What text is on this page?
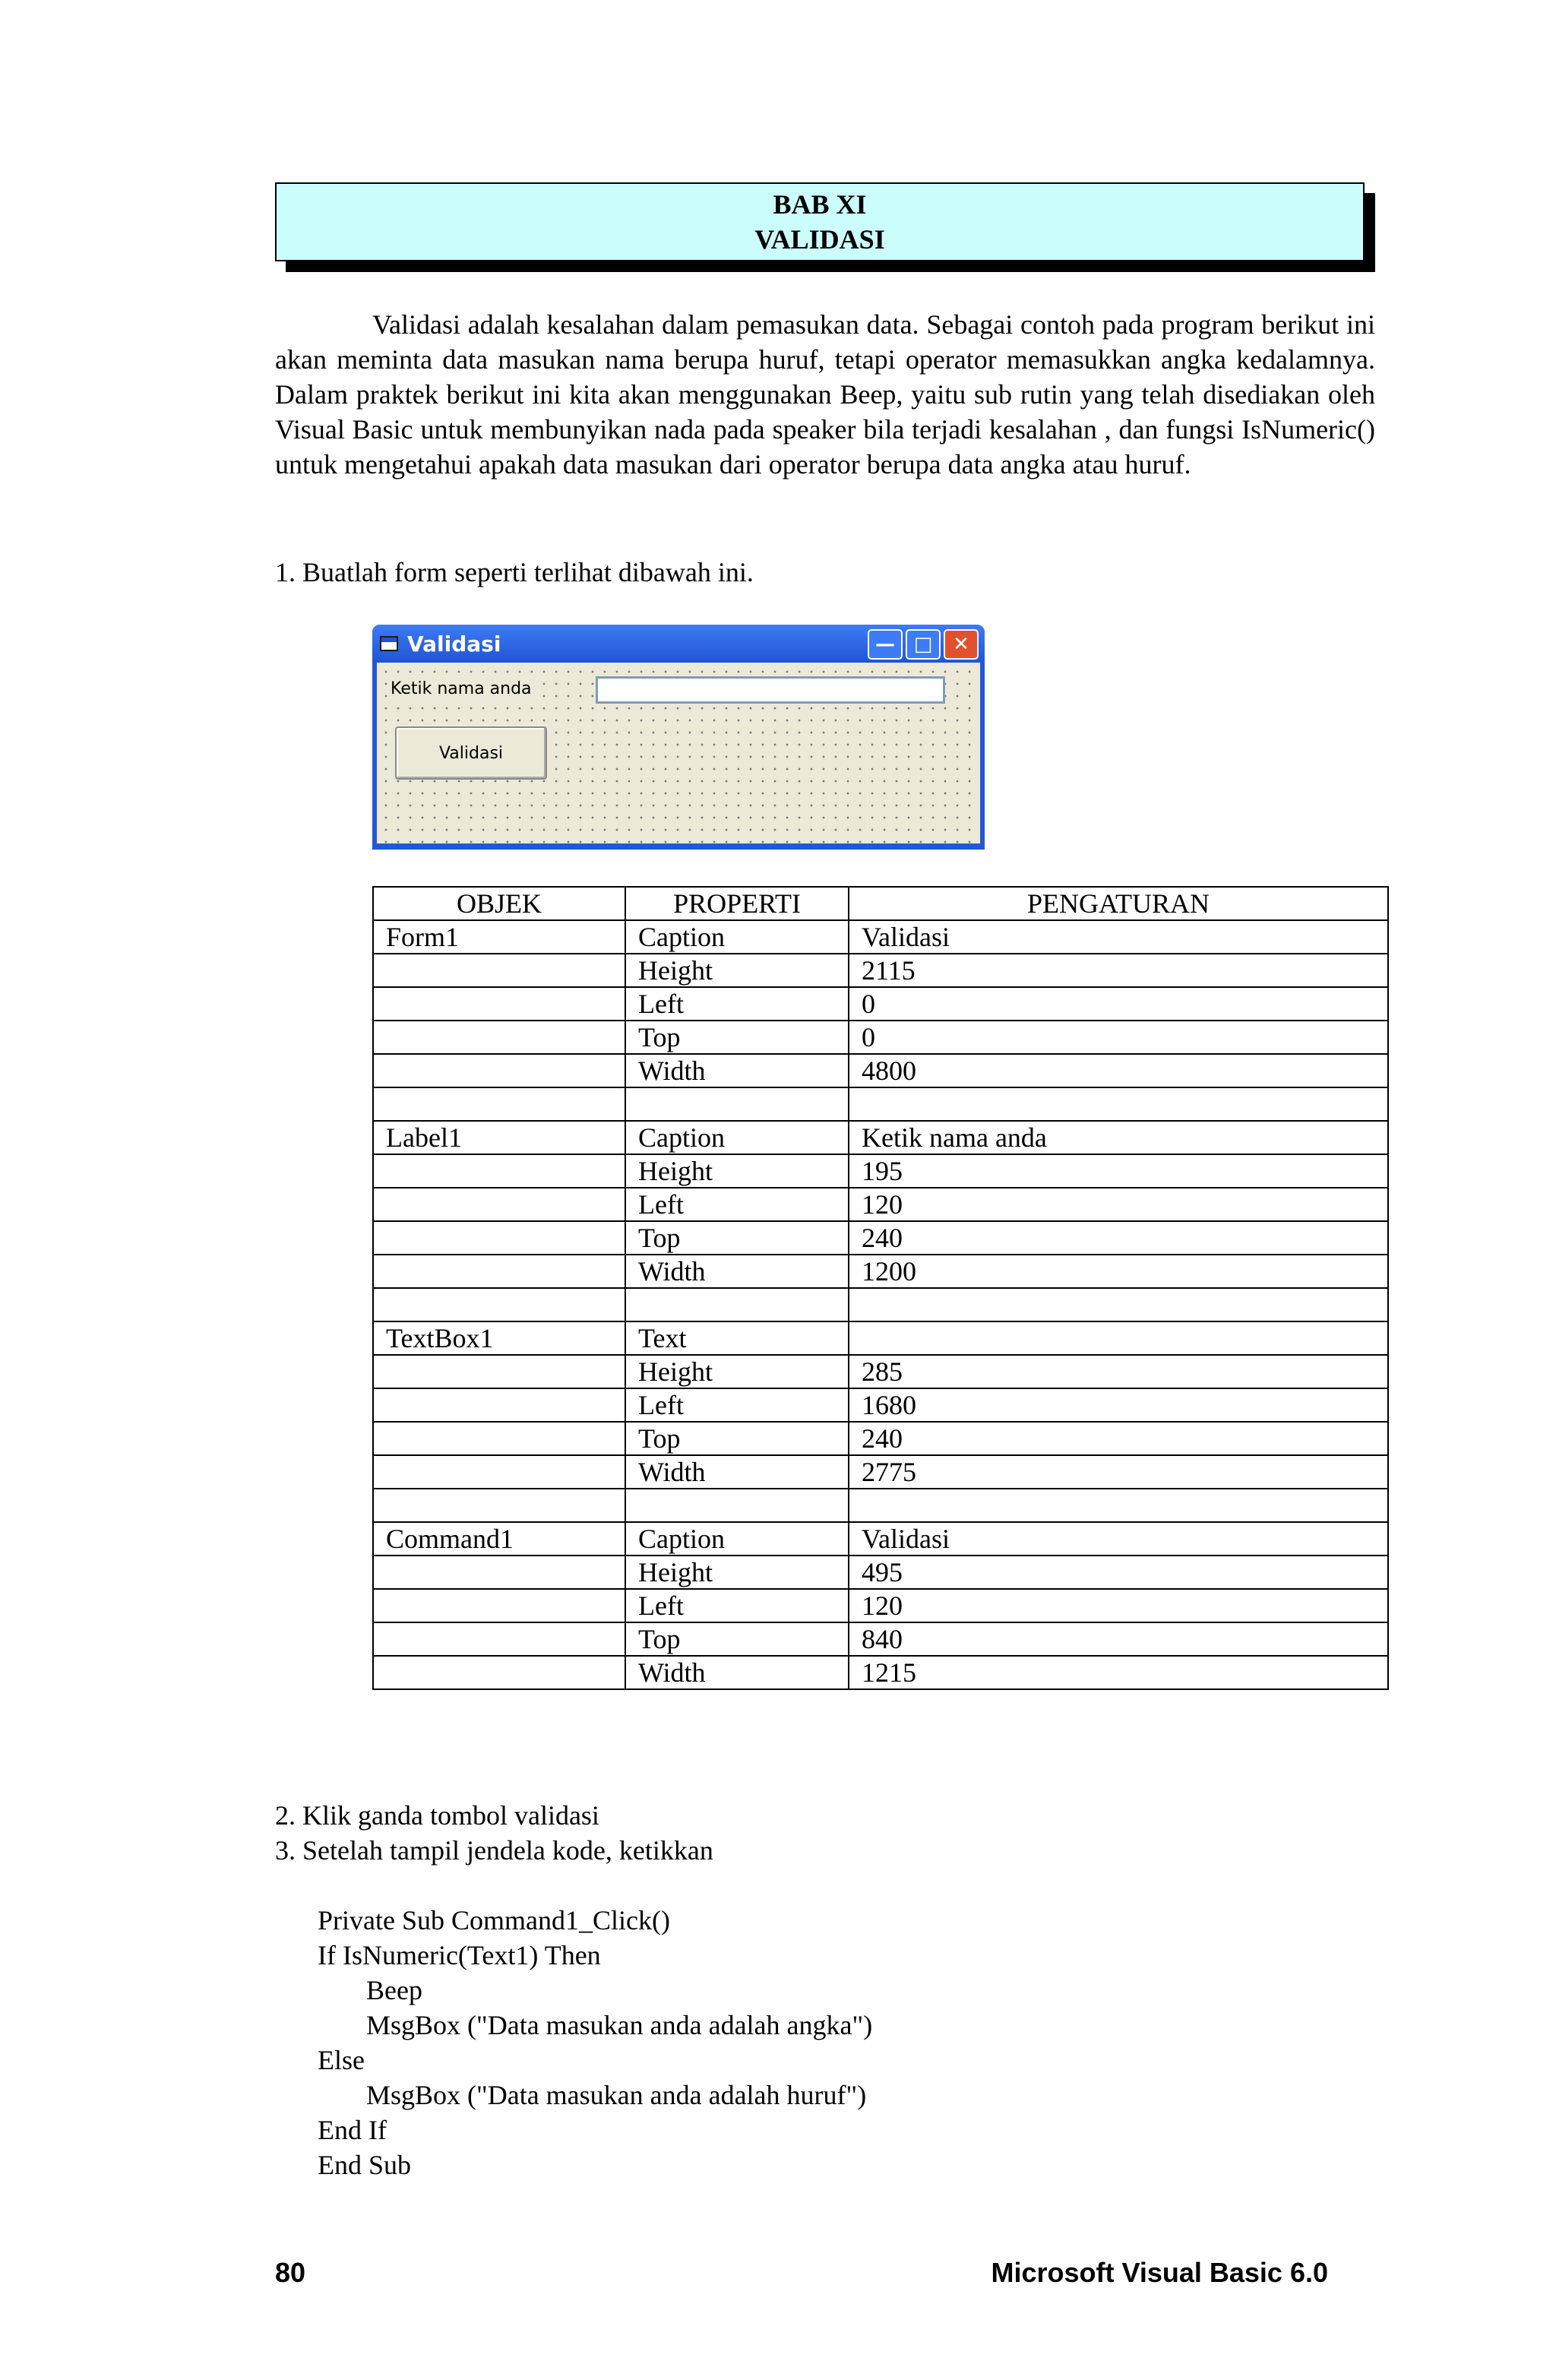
BAB XI
VALIDASI

Validasi adalah kesalahan dalam pemasukan data. Sebagai contoh pada program berikut ini akan meminta data masukan nama berupa huruf, tetapi operator memasukkan angka kedalamnya. Dalam praktek berikut ini kita akan menggunakan Beep, yaitu sub rutin yang telah disediakan oleh Visual Basic untuk membunyikan nada pada speaker bila terjadi kesalahan , dan fungsi IsNumeric() untuk mengetahui apakah data masukan dari operator berupa data angka atau huruf.

1. Buatlah form seperti terlihat dibawah ini.
Validasi	— □	✕
Ketik nama anda
Validasi
OBJEK	PROPERTI	PENGATURAN
Form1	Caption	Validasi
	Height	2115
	Left	0
	Top	0
	Width	4800

Label1	Caption	Ketik nama anda
	Height	195
	Left	120
	Top	240
	Width	1200

TextBox1	Text	
	Height	285
	Left	1680
	Top	240
	Width	2775

Command1	Caption	Validasi
	Height	495
	Left	120
	Top	840
	Width	1215
2. Klik ganda tombol validasi
3. Setelah tampil jendela kode, ketikkan
Private Sub Command1_Click()
If IsNumeric(Text1) Then
Beep
MsgBox ("Data masukan anda adalah angka")
Else
MsgBox ("Data masukan anda adalah huruf")
End If
End Sub
80	Microsoft Visual Basic 6.0
